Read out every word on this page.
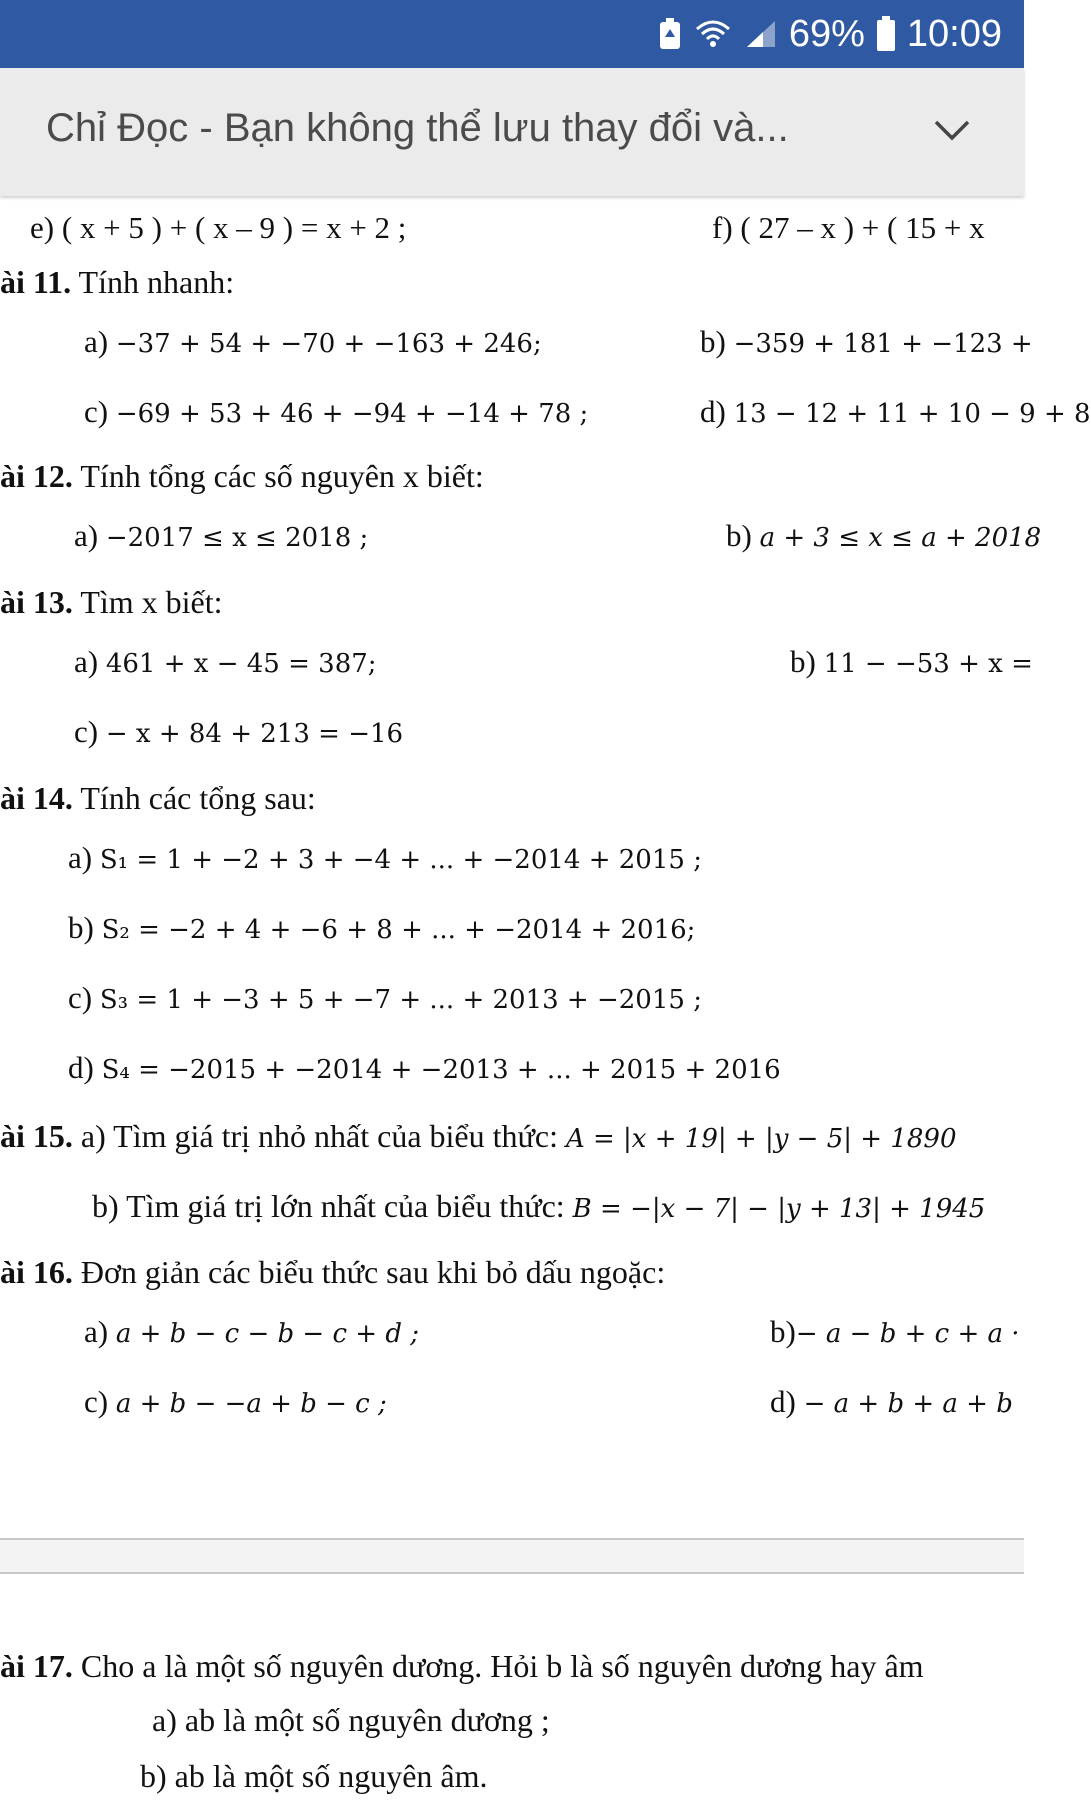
69% 10:09
Chỉ Đọc - Bạn không thể lưu thay đổi và...
e) ( x + 5 ) + ( x – 9 ) = x + 2 ;	f) ( 27 – x ) + ( 15 + x
ài 11. Tính nhanh:
a) −37 + 54 + −70 + −163 + 246;	b) −359 + 181 + −123 +
c) −69 + 53 + 46 + −94 + −14 + 78 ;	d) 13 − 12 + 11 + 10 − 9 + 8
ài 12. Tính tổng các số nguyên x biết:
a) −2017 ≤ x ≤ 2018 ;	b) a + 3 ≤ x ≤ a + 2018
ài 13. Tìm x biết:
a) 461 + x − 45 = 387;	b) 11 − −53 + x =
c) − x + 84 + 213 = −16
ài 14. Tính các tổng sau:
a) S₁ = 1 + −2 + 3 + −4 + ... + −2014 + 2015 ;
b) S₂ = −2 + 4 + −6 + 8 + ... + −2014 + 2016;
c) S₃ = 1 + −3 + 5 + −7 + ... + 2013 + −2015 ;
d) S₄ = −2015 + −2014 + −2013 + ... + 2015 + 2016
ài 15. a) Tìm giá trị nhỏ nhất của biểu thức: A = |x + 19| + |y − 5| + 1890
b) Tìm giá trị lớn nhất của biểu thức: B = −|x − 7| − |y + 13| + 1945
ài 16. Đơn giản các biểu thức sau khi bỏ dấu ngoặc:
a) a + b − c − b − c + d ;	b)− a − b + c + a ·
c) a + b − −a + b − c ;	d) − a + b + a + b
ài 17. Cho a là một số nguyên dương. Hỏi b là số nguyên dương hay âm
a) ab là một số nguyên dương ;
b) ab là một số nguyên âm.
